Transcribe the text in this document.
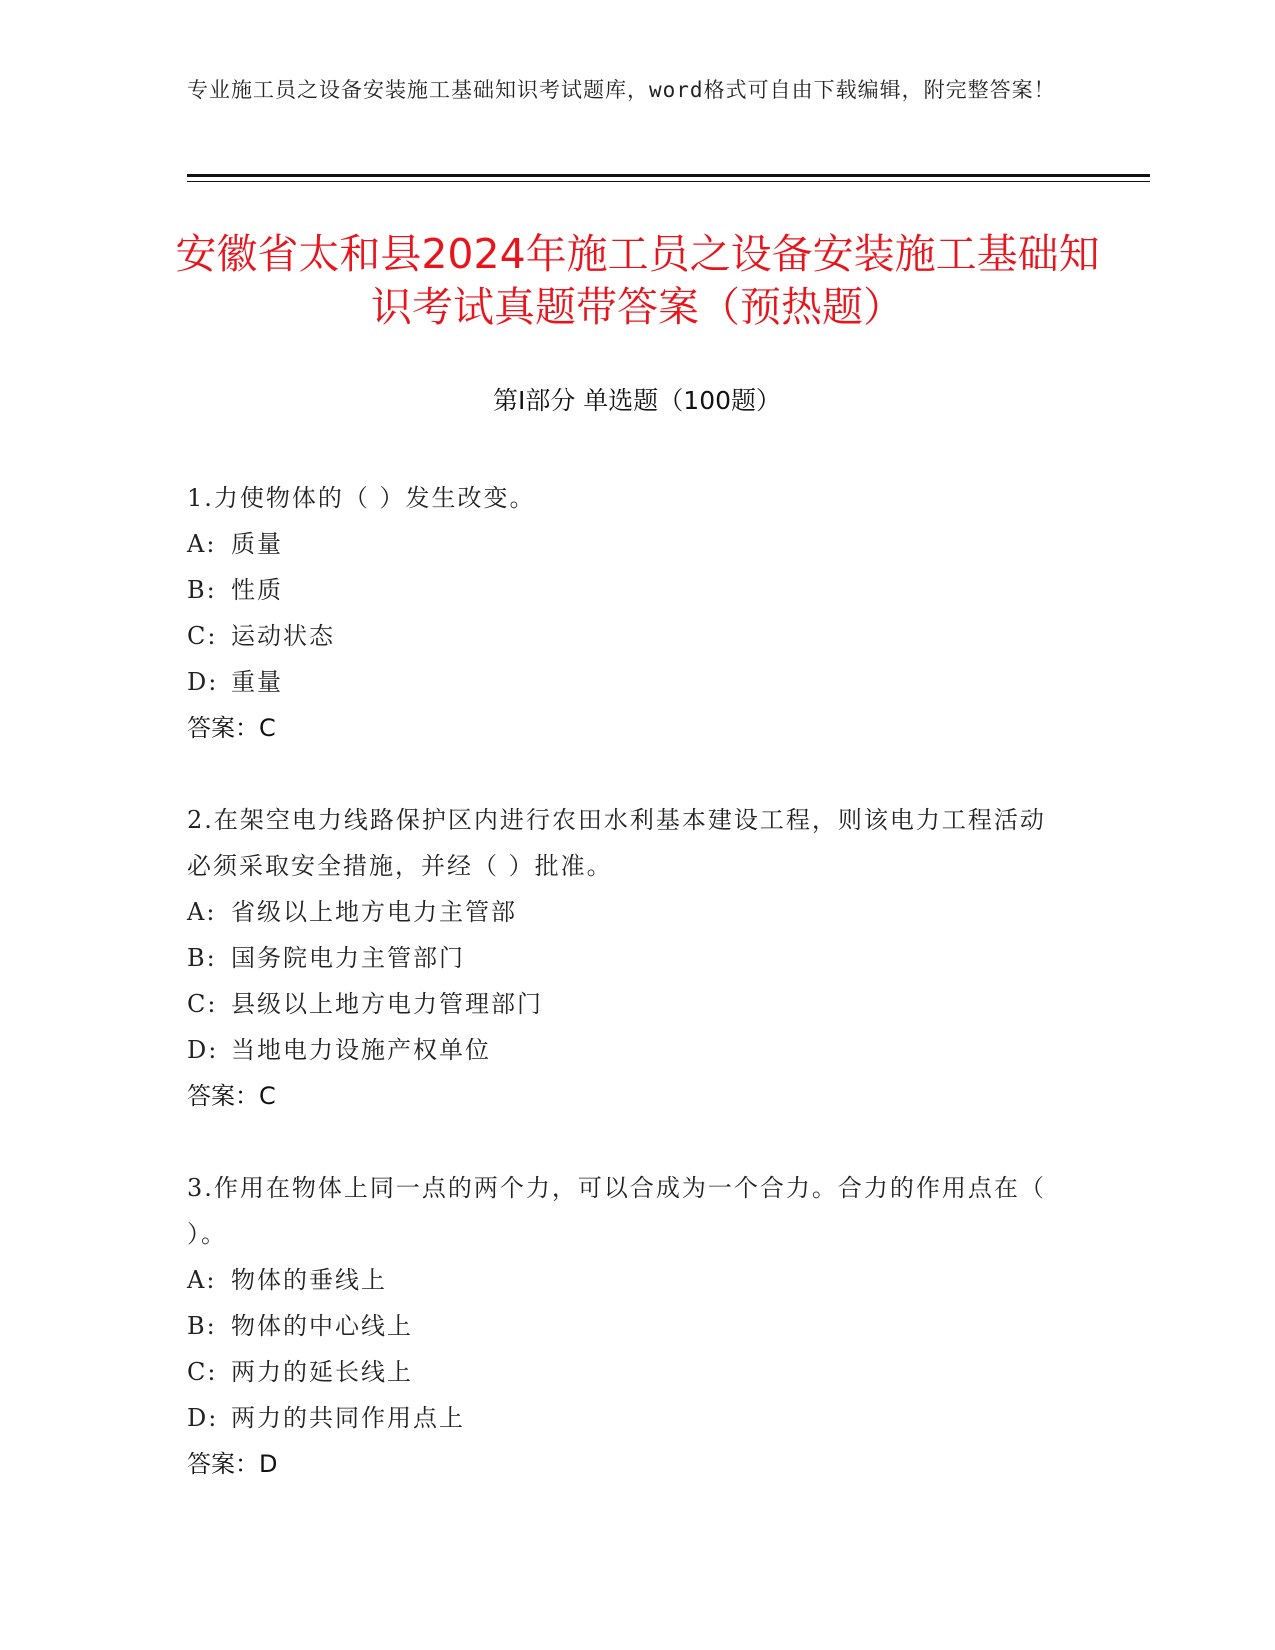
专业施工员之设备安装施工基础知识考试题库，word格式可自由下载编辑，附完整答案！
安徽省太和县2024年施工员之设备安装施工基础知识考试真题带答案（预热题）
第Ⅰ部分 单选题（100题）

1.力使物体的（ ）发生改变。

A: 质量

B: 性质

C: 运动状态

D: 重量

答案：C

2.在架空电力线路保护区内进行农田水利基本建设工程，则该电力工程活动必须采取安全措施，并经（ ）批准。

A: 省级以上地方电力主管部

B: 国务院电力主管部门

C: 县级以上地方电力管理部门

D: 当地电力设施产权单位

答案：C

3.作用在物体上同一点的两个力，可以合成为一个合力。合力的作用点在（ ）。

A: 物体的垂线上

B: 物体的中心线上

C: 两力的延长线上

D: 两力的共同作用点上

答案：D
